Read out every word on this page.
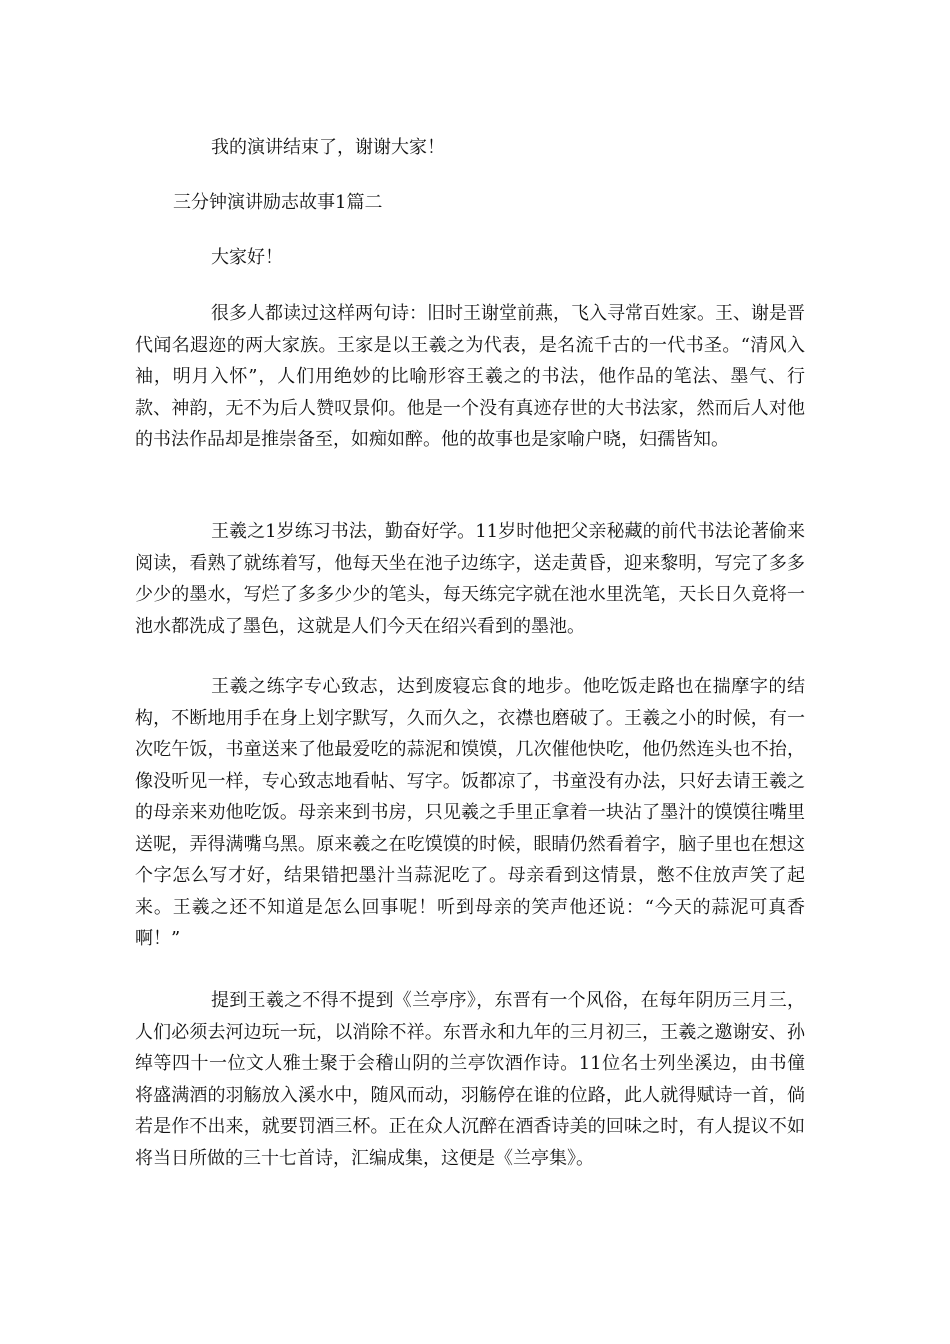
我的演讲结束了，谢谢大家！
三分钟演讲励志故事1篇二
大家好！
很多人都读过这样两句诗：旧时王谢堂前燕，飞入寻常百姓家。王、谢是晋代闻名遐迩的两大家族。王家是以王羲之为代表，是名流千古的一代书圣。“清风入袖，明月入怀”，人们用绝妙的比喻形容王羲之的书法，他作品的笔法、墨气、行款、神韵，无不为后人赞叹景仰。他是一个没有真迹存世的大书法家，然而后人对他的书法作品却是推崇备至，如痴如醉。他的故事也是家喻户晓，妇孺皆知。
王羲之1岁练习书法，勤奋好学。11岁时他把父亲秘藏的前代书法论著偷来阅读，看熟了就练着写，他每天坐在池子边练字，送走黄昏，迎来黎明，写完了多多少少的墨水，写烂了多多少少的笔头，每天练完字就在池水里洗笔，天长日久竟将一池水都洗成了墨色，这就是人们今天在绍兴看到的墨池。
王羲之练字专心致志，达到废寝忘食的地步。他吃饭走路也在揣摩字的结构，不断地用手在身上划字默写，久而久之，衣襟也磨破了。王羲之小的时候，有一次吃午饭，书童送来了他最爱吃的蒜泥和馍馍，几次催他快吃，他仍然连头也不抬，像没听见一样，专心致志地看帖、写字。饭都凉了，书童没有办法，只好去请王羲之的母亲来劝他吃饭。母亲来到书房，只见羲之手里正拿着一块沾了墨汁的馍馍往嘴里送呢，弄得满嘴乌黑。原来羲之在吃馍馍的时候，眼睛仍然看着字，脑子里也在想这个字怎么写才好，结果错把墨汁当蒜泥吃了。母亲看到这情景，憋不住放声笑了起来。王羲之还不知道是怎么回事呢！听到母亲的笑声他还说：“今天的蒜泥可真香啊！”
提到王羲之不得不提到《兰亭序》，东晋有一个风俗，在每年阴历三月三，人们必须去河边玩一玩，以消除不祥。东晋永和九年的三月初三，王羲之邀谢安、孙绰等四十一位文人雅士聚于会稽山阴的兰亭饮酒作诗。11位名士列坐溪边，由书僮将盛满酒的羽觞放入溪水中，随风而动，羽觞停在谁的位路，此人就得赋诗一首，倘若是作不出来，就要罚酒三杯。正在众人沉醉在酒香诗美的回味之时，有人提议不如将当日所做的三十七首诗，汇编成集，这便是《兰亭集》。
